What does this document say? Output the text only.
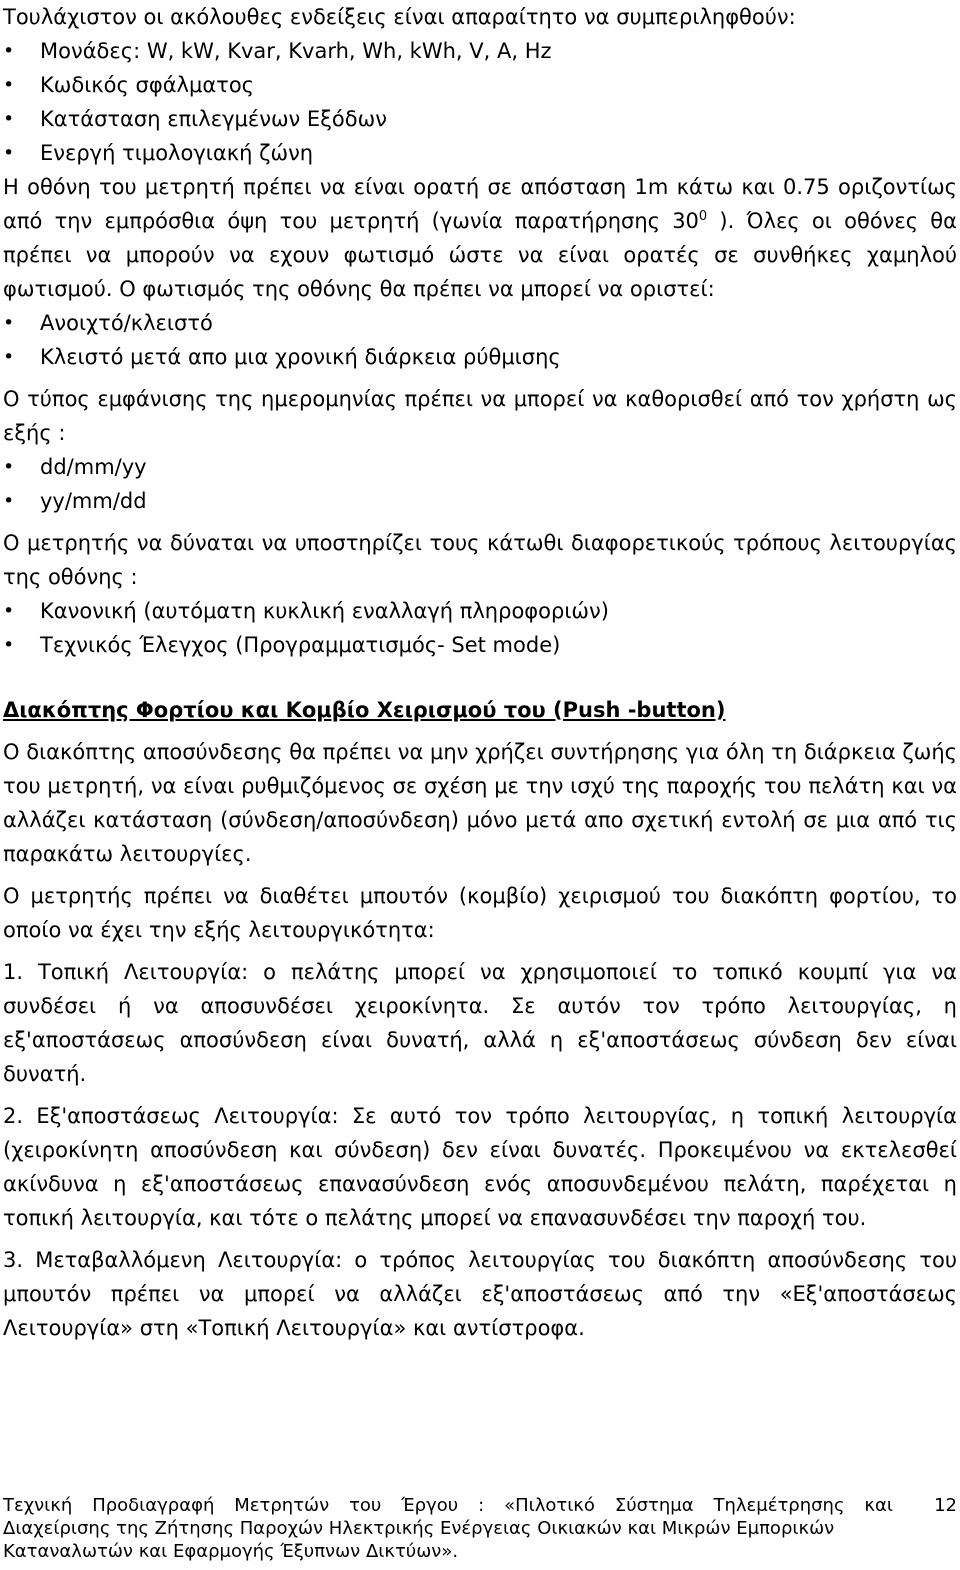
Τουλάχιστον οι ακόλουθες ενδείξεις είναι απαραίτητο να συμπεριληφθούν:

• Μονάδες: W, kW, Kvar, Kvarh, Wh, kWh, V, A, Hz
• Κωδικός σφάλματος
• Κατάσταση επιλεγμένων Εξόδων
• Ενεργή τιμολογιακή ζώνη

Η οθόνη του μετρητή πρέπει να είναι ορατή σε απόσταση 1m κάτω και 0.75 οριζοντίως από την εμπρόσθια όψη του μετρητή (γωνία παρατήρησης $30^0$ ). Όλες οι οθόνες θα πρέπει να μπορούν να εχουν φωτισμό ώστε να είναι ορατές σε συνθήκες χαμηλού φωτισμού. Ο φωτισμός της οθόνης θα πρέπει να μπορεί να οριστεί:

• Ανοιχτό/κλειστό
• Κλειστό μετά απο μια χρονική διάρκεια ρύθμισης

Ο τύπος εμφάνισης της ημερομηνίας πρέπει να μπορεί να καθορισθεί από τον χρήστη ως εξής :

• dd/mm/yy
• yy/mm/dd

Ο μετρητής να δύναται να υποστηρίζει τους κάτωθι διαφορετικούς τρόπους λειτουργίας της οθόνης :

• Κανονική (αυτόματη κυκλική εναλλαγή πληροφοριών)
• Τεχνικός Έλεγχος (Προγραμματισμός- Set mode)
Διακόπτης Φορτίου και Κομβίο Χειρισμού του (Push -button)

Ο διακόπτης αποσύνδεσης θα πρέπει να μην χρήζει συντήρησης για όλη τη διάρκεια ζωής του μετρητή, να είναι ρυθμιζόμενος σε σχέση με την ισχύ της παροχής του πελάτη και να αλλάζει κατάσταση (σύνδεση/αποσύνδεση) μόνο μετά απο σχετική εντολή σε μια από τις παρακάτω λειτουργίες.

Ο μετρητής πρέπει να διαθέτει μπουτόν (κομβίο) χειρισμού του διακόπτη φορτίου, το οποίο να έχει την εξής λειτουργικότητα:

1. Τοπική Λειτουργία: ο πελάτης μπορεί να χρησιμοποιεί το τοπικό κουμπί για να συνδέσει ή να αποσυνδέσει χειροκίνητα. Σε αυτόν τον τρόπο λειτουργίας, η εξ'αποστάσεως αποσύνδεση είναι δυνατή, αλλά η εξ'αποστάσεως σύνδεση δεν είναι δυνατή.

2. Εξ'αποστάσεως Λειτουργία: Σε αυτό τον τρόπο λειτουργίας, η τοπική λειτουργία (χειροκίνητη αποσύνδεση και σύνδεση) δεν είναι δυνατές. Προκειμένου να εκτελεσθεί ακίνδυνα η εξ'αποστάσεως επανασύνδεση ενός αποσυνδεμένου πελάτη, παρέχεται η τοπική λειτουργία, και τότε ο πελάτης μπορεί να επανασυνδέσει την παροχή του.

3. Μεταβαλλόμενη Λειτουργία: ο τρόπος λειτουργίας του διακόπτη αποσύνδεσης του μπουτόν πρέπει να μπορεί να αλλάζει εξ'αποστάσεως από την «Εξ'αποστάσεως Λειτουργία» στη «Τοπική Λειτουργία» και αντίστροφα.

Τεχνική Προδιαγραφή Μετρητών του Έργου : «Πιλοτικό Σύστημα Τηλεμέτρησης και	12
Διαχείρισης της Ζήτησης Παροχών Ηλεκτρικής Ενέργειας Οικιακών και Μικρών Εμπορικών
Καταναλωτών και Εφαρμογής Έξυπνων Δικτύων».
